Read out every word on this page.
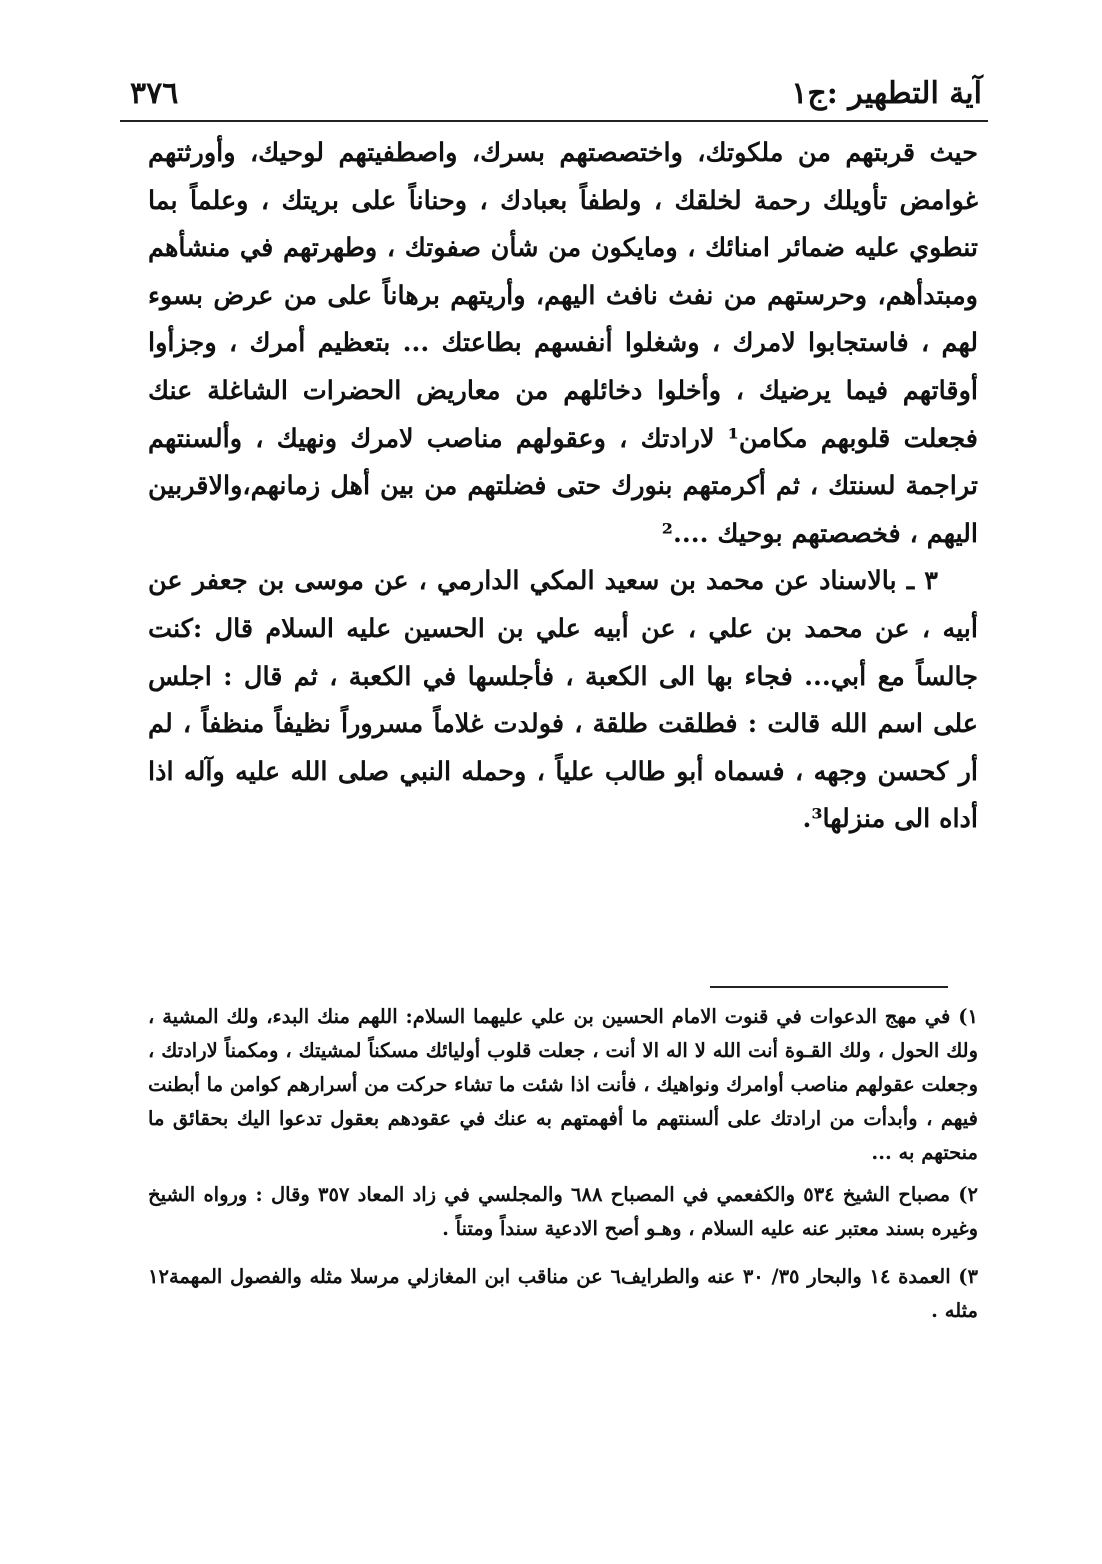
آية التطهير :ج١
٣٧٦

حيث قربتهم من ملكوتك، واختصصتهم بسرك، واصطفيتهم لوحيك، وأورثتهم غوامض تأويلك رحمة لخلقك ، ولطفاً بعبادك ، وحناناً على بريتك ، وعلماً بما تنطوي عليه ضمائر امنائك ، ومايكون من شأن صفوتك ، وطهرتهم في منشأهم ومبتدأهم، وحرستهم من نفث نافث اليهم، وأريتهم برهاناً على من عرض بسوء لهم ، فاستجابوا لامرك ، وشغلوا أنفسهم بطاعتك ... بتعظيم أمرك ، وجزأوا أوقاتهم فيما يرضيك ، وأخلوا دخائلهم من معاريض الحضرات الشاغلة عنك فجعلت قلوبهم مكامن¹ لارادتك ، وعقولهم مناصب لامرك ونهيك ، وألسنتهم تراجمة لسنتك ، ثم أكرمتهم بنورك حتى فضلتهم من بين أهل زمانهم،والاقربين اليهم ، فخصصتهم بوحيك ....²

٣ ـ بالاسناد عن محمد بن سعيد المكي الدارمي ، عن موسى بن جعفر عن أبيه ، عن محمد بن علي ، عن أبيه علي بن الحسين عليه السلام قال :كنت جالساً مع أبي... فجاء بها الى الكعبة ، فأجلسها في الكعبة ، ثم قال : اجلس على اسم الله قالت : فطلقت طلقة ، فولدت غلاماً مسروراً نظيفاً منظفاً ، لم أر كحسن وجهه ، فسماه أبو طالب علياً ، وحمله النبي صلى الله عليه وآله اذا أداه الى منزلها³.

١) في مهج الدعوات في قنوت الامام الحسين بن علي عليهما السلام: اللهم منك البدء، ولك المشية ، ولك الحول ، ولك القـوة أنت الله لا اله الا أنت ، جعلت قلوب أوليائك مسكناً لمشيتك ، ومكمناً لارادتك ، وجعلت عقولهم مناصب أوامرك ونواهيك ، فأنت اذا شئت ما تشاء حركت من أسرارهم كوامن ما أبطنت فيهم ، وأبدأت من ارادتك على ألسنتهم ما أفهمتهم به عنك في عقودهم بعقول تدعوا اليك بحقائق ما منحتهم به ...

٢) مصباح الشيخ ٥٣٤ والكفعمي في المصباح ٦٨٨ والمجلسي في زاد المعاد ٣٥٧ وقال : ورواه الشيخ وغيره بسند معتبر عنه عليه السلام ، وهـو أصح الادعية سنداً ومتناً .

٣) العمدة ١٤ والبحار ٣٥/ ٣٠ عنه والطرايف٦ عن مناقب ابن المغازلي مرسلا مثله والفصول المهمة١٢ مثله .
